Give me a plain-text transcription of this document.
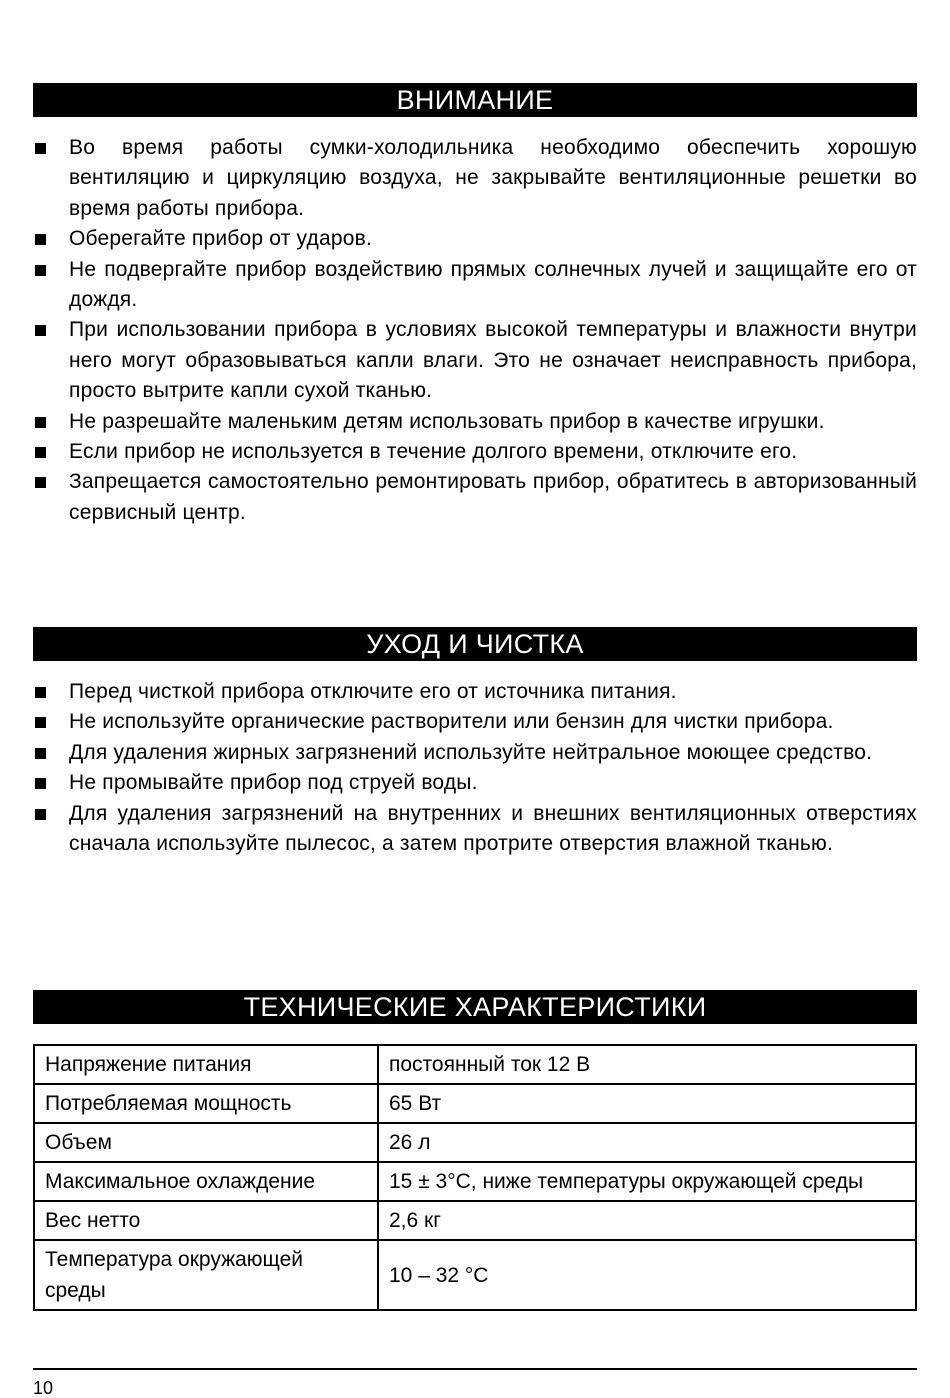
ВНИМАНИЕ
Во время работы сумки-холодильника необходимо обеспечить хорошую вентиляцию и циркуляцию воздуха, не закрывайте вентиляционные решетки во время работы прибора.
Оберегайте прибор от ударов.
Не подвергайте прибор воздействию прямых солнечных лучей и защищайте его от дождя.
При использовании прибора в условиях высокой температуры и влажности внутри него могут образовываться капли влаги. Это не означает неисправность прибора, просто вытрите капли сухой тканью.
Не разрешайте маленьким детям использовать прибор в качестве игрушки.
Если прибор не используется в течение долгого времени, отключите его.
Запрещается самостоятельно ремонтировать прибор, обратитесь в авторизованный сервисный центр.
УХОД И ЧИСТКА
Перед чисткой прибора отключите его от источника питания.
Не используйте органические растворители или бензин для чистки прибора.
Для удаления жирных загрязнений используйте нейтральное моющее средство.
Не промывайте прибор под струей воды.
Для удаления загрязнений на внутренних и внешних вентиляционных отверстиях сначала используйте пылесос, а затем протрите отверстия влажной тканью.
ТЕХНИЧЕСКИЕ ХАРАКТЕРИСТИКИ
Напряжение питания	постоянный ток 12 В
Потребляемая мощность	65 Вт
Объем	26 л
Максимальное охлаждение	15 ± 3°С, ниже температуры окружающей среды
Вес нетто	2,6 кг
Температура окружающей среды	10 – 32 °С
10
